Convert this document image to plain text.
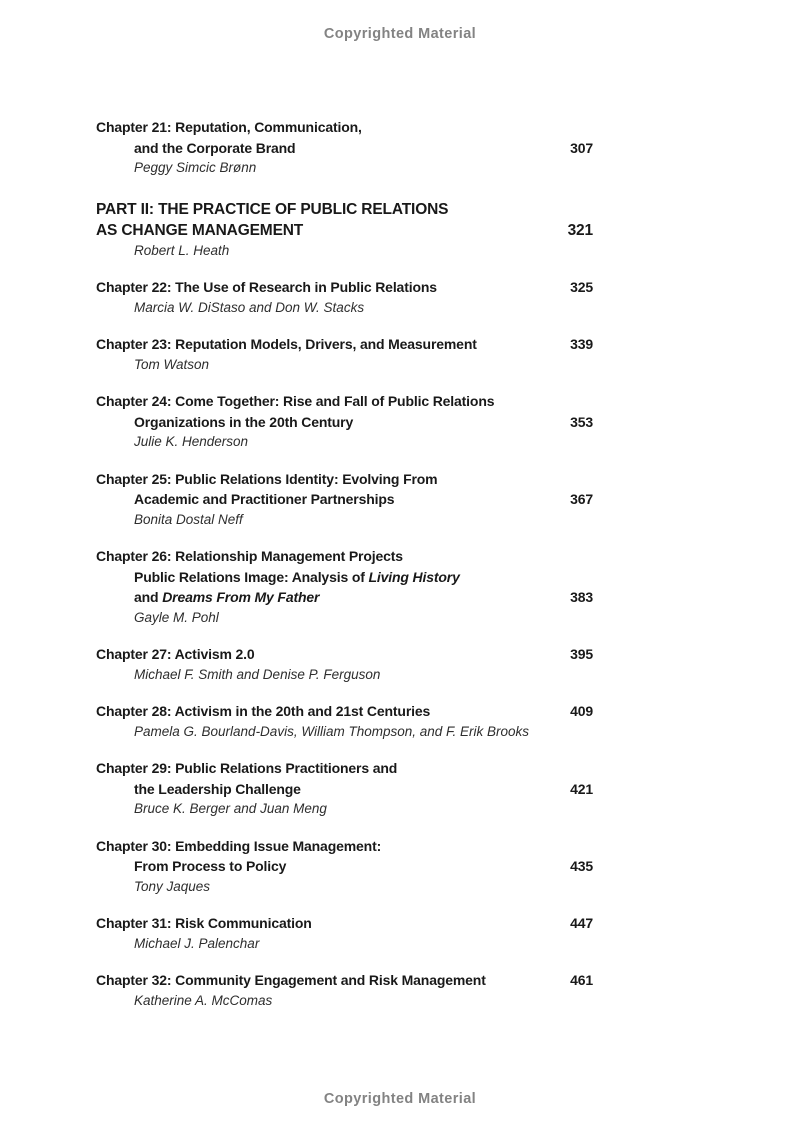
Copyrighted Material
Chapter 21: Reputation, Communication,
and the Corporate Brand	307
Peggy Simcic Brønn
PART II: THE PRACTICE OF PUBLIC RELATIONS
AS CHANGE MANAGEMENT	321
Robert L. Heath
Chapter 22: The Use of Research in Public Relations	325
Marcia W. DiStaso and Don W. Stacks
Chapter 23: Reputation Models, Drivers, and Measurement	339
Tom Watson
Chapter 24: Come Together: Rise and Fall of Public Relations
Organizations in the 20th Century	353
Julie K. Henderson
Chapter 25: Public Relations Identity: Evolving From
Academic and Practitioner Partnerships	367
Bonita Dostal Neff
Chapter 26: Relationship Management Projects
Public Relations Image: Analysis of Living History
and Dreams From My Father	383
Gayle M. Pohl
Chapter 27: Activism 2.0	395
Michael F. Smith and Denise P. Ferguson
Chapter 28: Activism in the 20th and 21st Centuries	409
Pamela G. Bourland-Davis, William Thompson, and F. Erik Brooks
Chapter 29: Public Relations Practitioners and
the Leadership Challenge	421
Bruce K. Berger and Juan Meng
Chapter 30: Embedding Issue Management:
From Process to Policy	435
Tony Jaques
Chapter 31: Risk Communication	447
Michael J. Palenchar
Chapter 32: Community Engagement and Risk Management	461
Katherine A. McComas
Copyrighted Material
